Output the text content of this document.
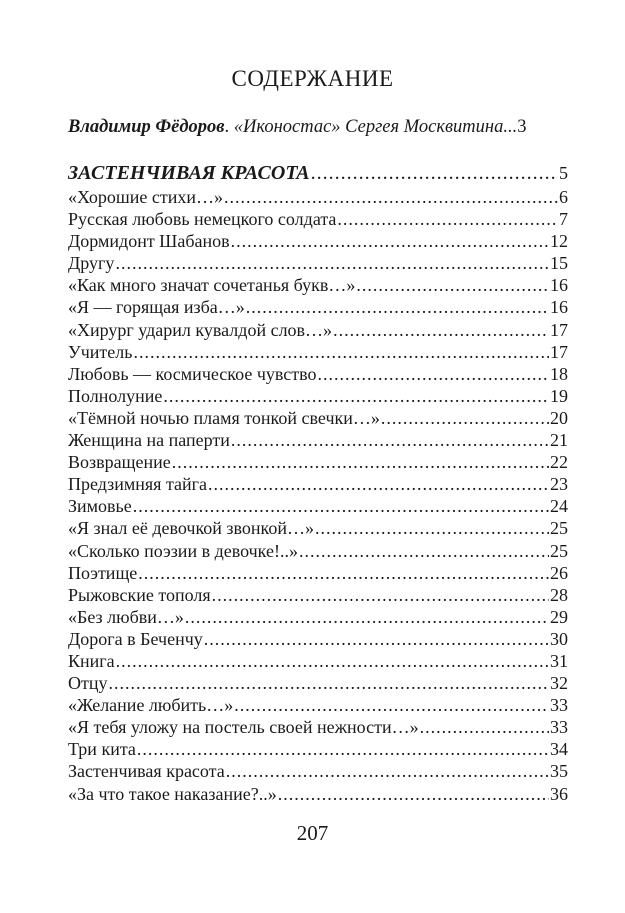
СОДЕРЖАНИЕ
Владимир Фёдоров. «Иконостас» Сергея Москвитина...3
ЗАСТЕНЧИВАЯ КРАСОТА .....	5
«Хорошие стихи…» .....	6
Русская любовь немецкого солдата .....	7
Дормидонт Шабанов .....	12
Другу .....	15
«Как много значат сочетанья букв…» .....	16
«Я — горящая изба…» .....	16
«Хирург ударил кувалдой слов…» .....	17
Учитель .....	17
Любовь — космическое чувство .....	18
Полнолуние .....	19
«Тёмной ночью пламя тонкой свечки…» .....	20
Женщина на паперти .....	21
Возвращение .....	22
Предзимняя тайга .....	23
Зимовье .....	24
«Я знал её девочкой звонкой…» .....	25
«Сколько поэзии в девочке!..» .....	25
Поэтище .....	26
Рыжовские тополя .....	28
«Без любви…» .....	29
Дорога в Беченчу .....	30
Книга .....	31
Отцу .....	32
«Желание любить…» .....	33
«Я тебя уложу на постель своей нежности…» .....	33
Три кита .....	34
Застенчивая красота .....	35
«За что такое наказание?..» .....	36
207
